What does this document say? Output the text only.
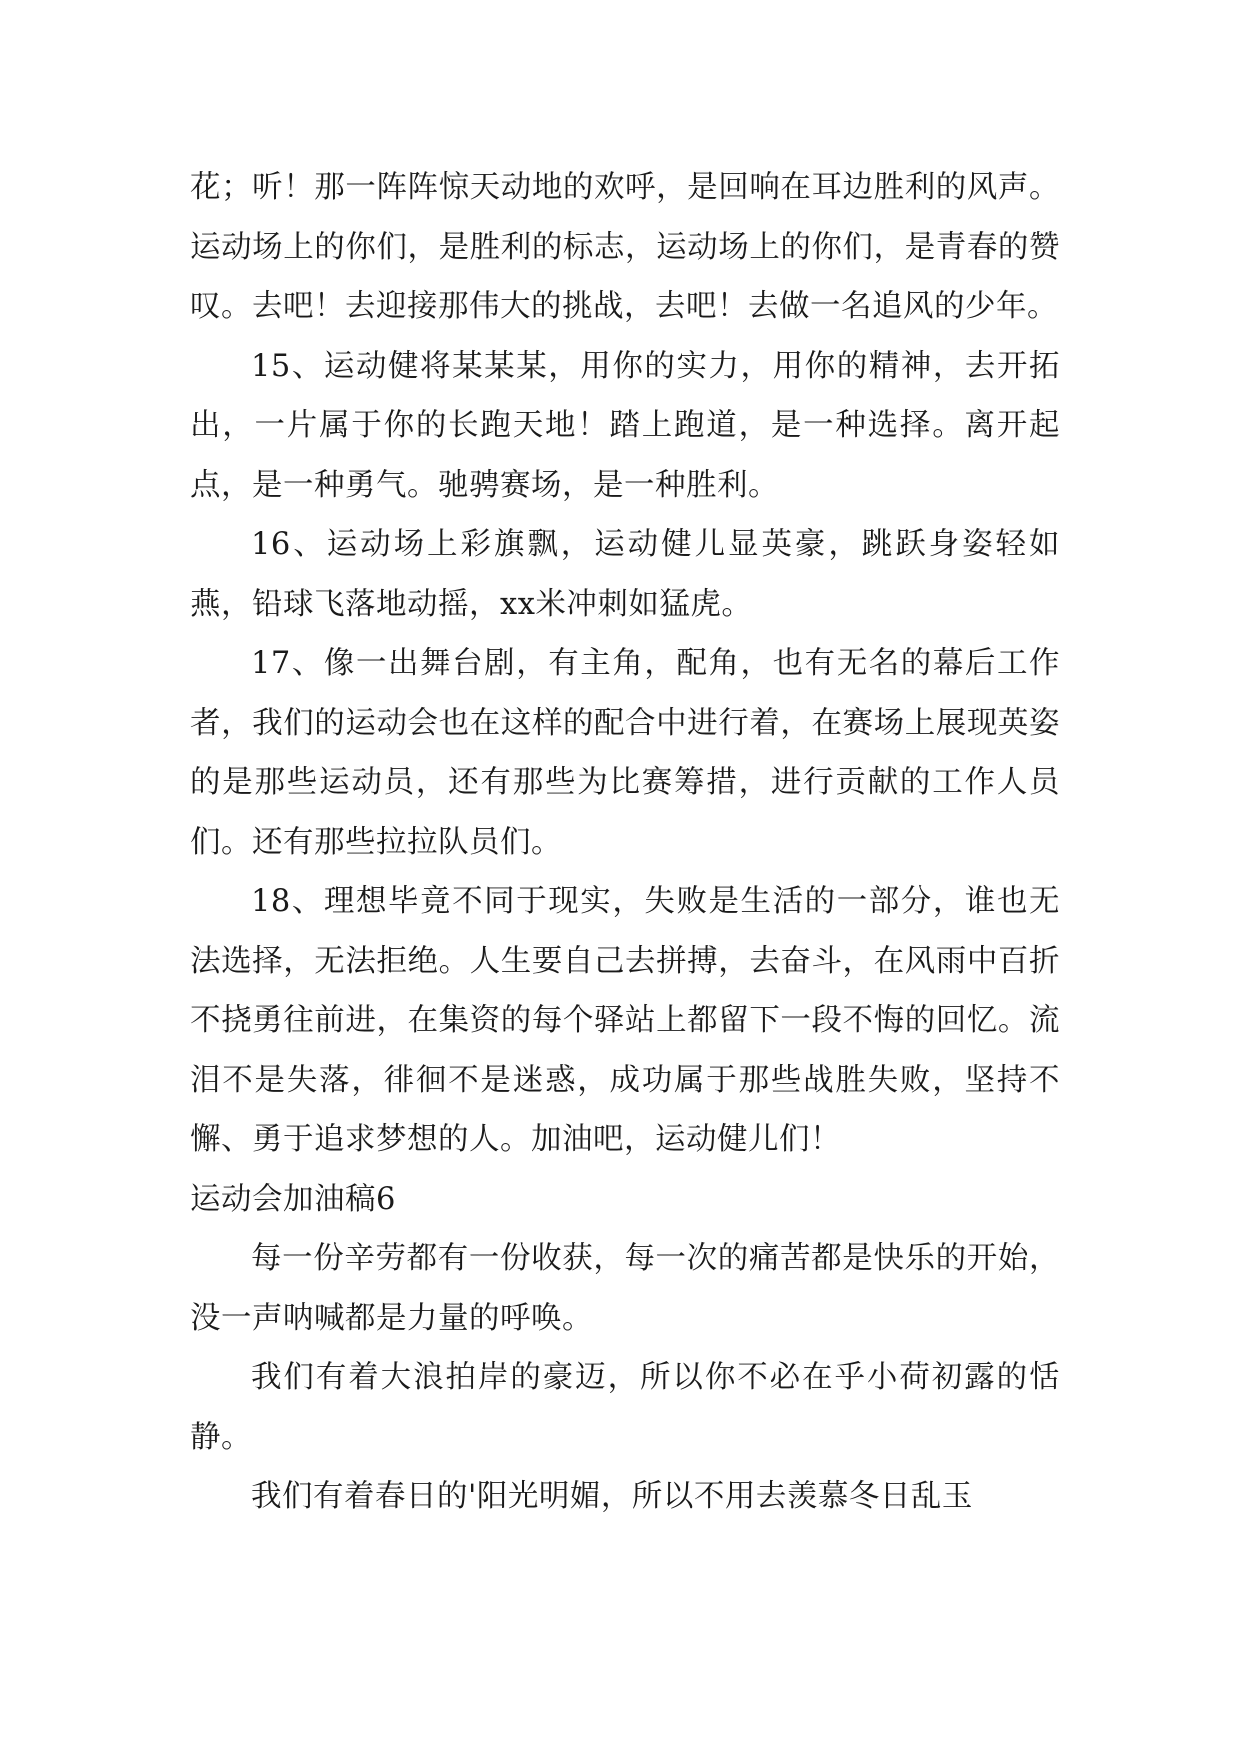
花；听！那一阵阵惊天动地的欢呼，是回响在耳边胜利的风声。运动场上的你们，是胜利的标志，运动场上的你们，是青春的赞叹。去吧！去迎接那伟大的挑战，去吧！去做一名追风的少年。

15、运动健将某某某，用你的实力，用你的精神，去开拓出，一片属于你的长跑天地！踏上跑道，是一种选择。离开起点，是一种勇气。驰骋赛场，是一种胜利。

16、运动场上彩旗飘，运动健儿显英豪，跳跃身姿轻如燕，铅球飞落地动摇，xx米冲刺如猛虎。

17、像一出舞台剧，有主角，配角，也有无名的幕后工作者，我们的运动会也在这样的配合中进行着，在赛场上展现英姿的是那些运动员，还有那些为比赛筹措，进行贡献的工作人员们。还有那些拉拉队员们。

18、理想毕竟不同于现实，失败是生活的一部分，谁也无法选择，无法拒绝。人生要自己去拼搏，去奋斗，在风雨中百折不挠勇往前进，在集资的每个驿站上都留下一段不悔的回忆。流泪不是失落，徘徊不是迷惑，成功属于那些战胜失败，坚持不懈、勇于追求梦想的人。加油吧，运动健儿们！

运动会加油稿6

每一份辛劳都有一份收获，每一次的痛苦都是快乐的开始，没一声呐喊都是力量的呼唤。

我们有着大浪拍岸的豪迈，所以你不必在乎小荷初露的恬静。

我们有着春日的'阳光明媚，所以不用去羡慕冬日乱玉
